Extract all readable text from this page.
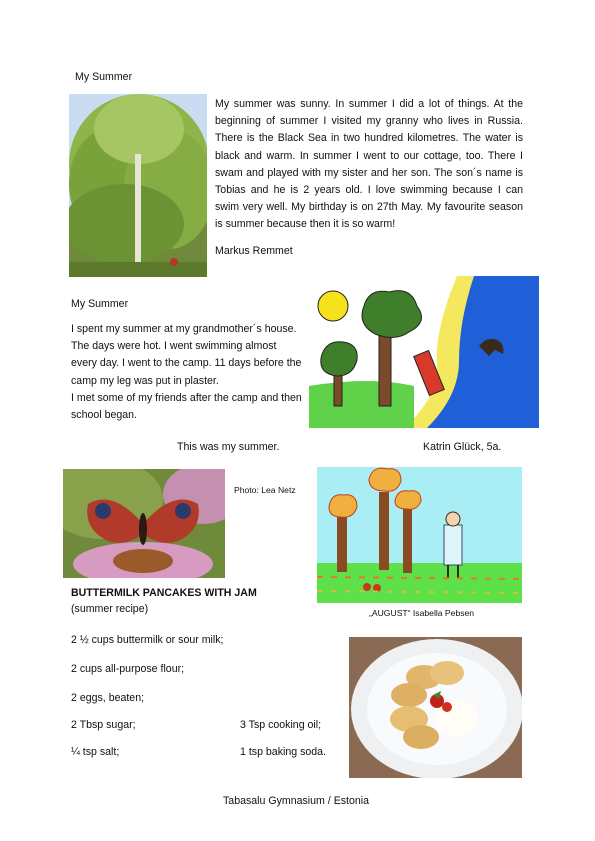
My Summer
My summer was sunny. In summer I did a lot of things. At the beginning of summer I visited my granny who lives in Russia. There is the Black Sea in two hundred kilometres. The water is black and warm. In summer I went to our cottage, too. There I swam and played with my sister and her son. The son´s name is Tobias and he is 2 years old. I love swimming because I can swim very well. My birthday is on 27th May. My favourite season is summer because then it is so warm!
Markus Remmet
My Summer

I spent my summer at my grandmother´s house.

The days were hot. I went swimming almost every day. I went to the camp. 11 days before the camp my leg was put in plaster.

I met some of my friends after the camp and then school began.

This was my summer.	Katrin Glück, 5a.
Photo: Lea Netz
„AUGUST“ Isabella Pebsen
BUTTERMILK PANCAKES WITH JAM
(summer recipe)
2 ½ cups buttermilk or sour milk;
2 cups all-purpose flour;
2 eggs, beaten;
2 Tbsp sugar;	3 Tsp cooking oil;
¼ tsp salt;	1 tsp baking soda.
Tabasalu Gymnasium / Estonia
